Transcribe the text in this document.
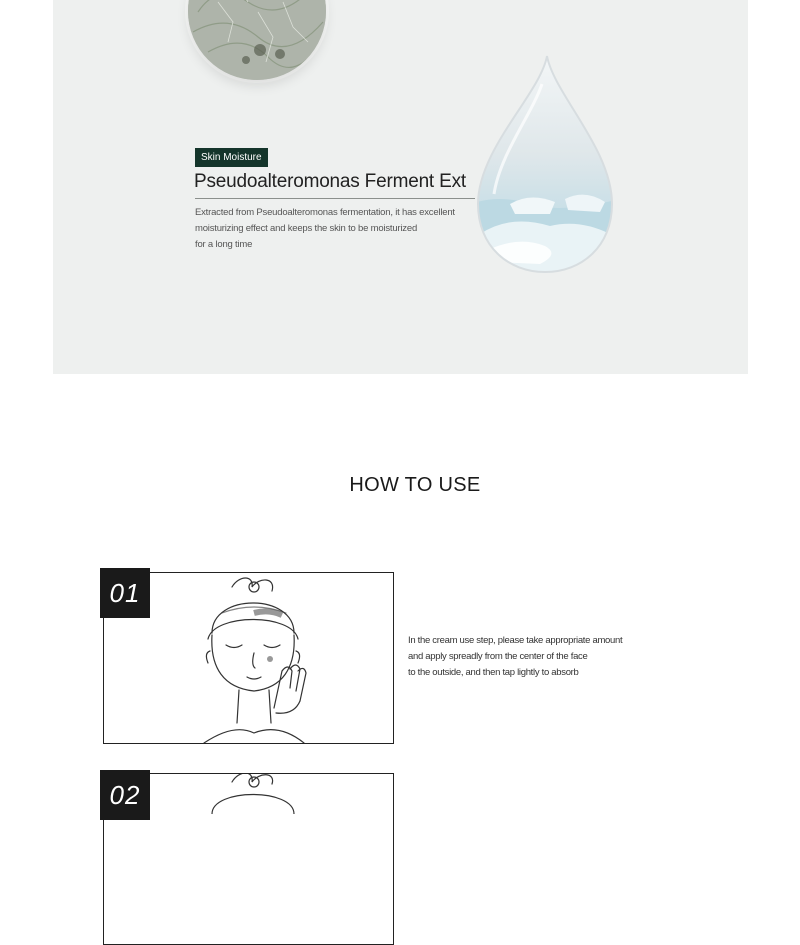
Skin Moisture
Pseudoalteromonas Ferment Ext
Extracted from Pseudoalteromonas fermentation, it has excellent
moisturizing effect and keeps the skin to be moisturized
for a long time
HOW TO USE
01
In the cream use step, please take appropriate amount
and apply spreadly from the center of the face
to the outside, and then tap lightly to absorb
02
